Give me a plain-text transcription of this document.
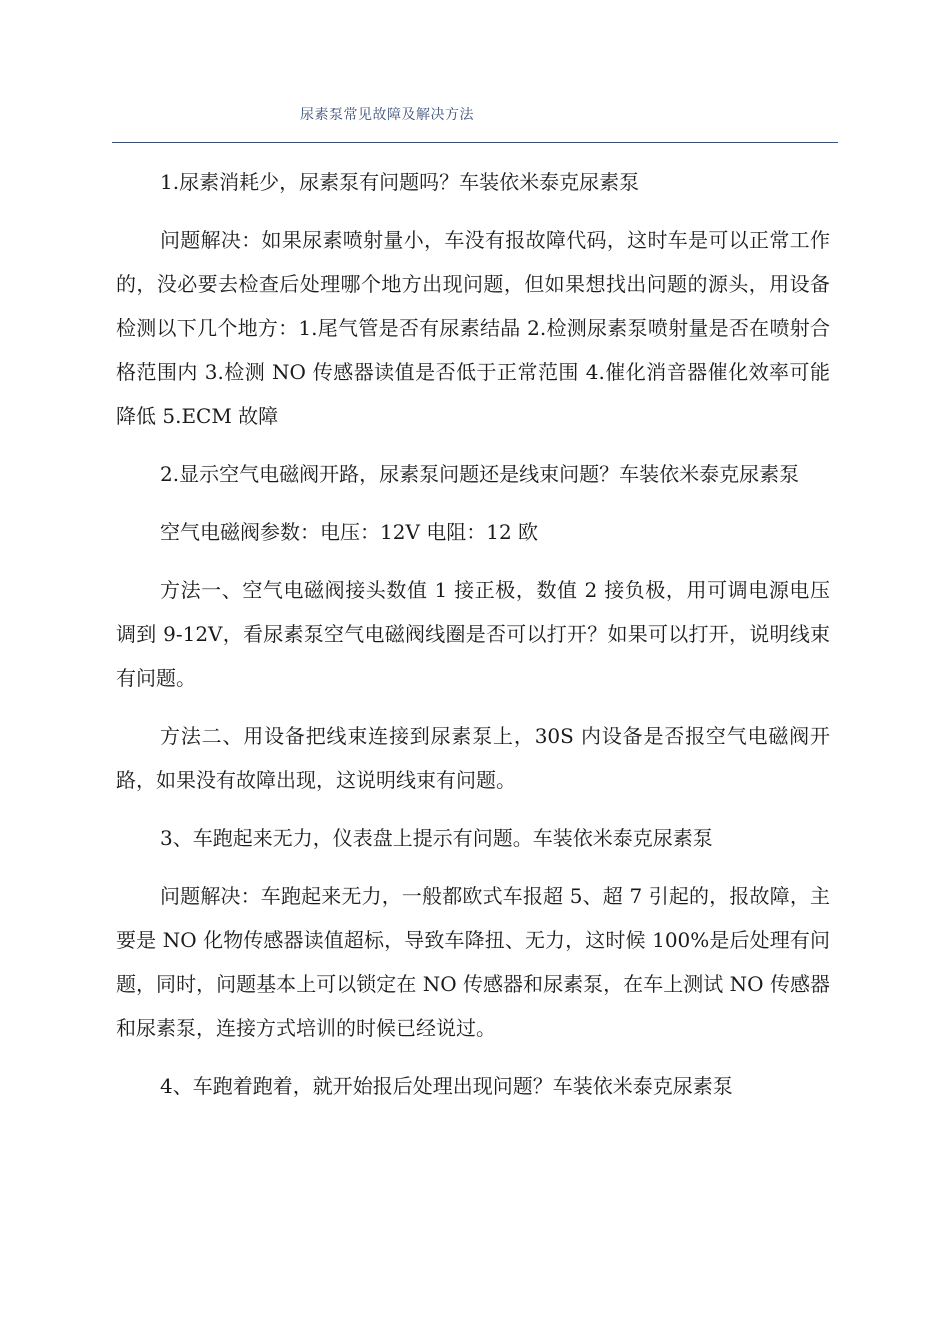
尿素泵常见故障及解决方法

1.尿素消耗少，尿素泵有问题吗？车装依米泰克尿素泵

问题解决：如果尿素喷射量小，车没有报故障代码，这时车是可以正常工作的，没必要去检查后处理哪个地方出现问题，但如果想找出问题的源头，用设备检测以下几个地方：1.尾气管是否有尿素结晶 2.检测尿素泵喷射量是否在喷射合格范围内 3.检测 NO 传感器读值是否低于正常范围 4.催化消音器催化效率可能降低 5.ECM 故障

2.显示空气电磁阀开路，尿素泵问题还是线束问题？车装依米泰克尿素泵

空气电磁阀参数：电压：12V 电阻：12 欧

方法一、空气电磁阀接头数值 1 接正极，数值 2 接负极，用可调电源电压调到 9-12V，看尿素泵空气电磁阀线圈是否可以打开？如果可以打开，说明线束有问题。

方法二、用设备把线束连接到尿素泵上，30S 内设备是否报空气电磁阀开路，如果没有故障出现，这说明线束有问题。

3、车跑起来无力，仪表盘上提示有问题。车装依米泰克尿素泵

问题解决：车跑起来无力，一般都欧式车报超 5、超 7 引起的，报故障，主要是 NO 化物传感器读值超标，导致车降扭、无力，这时候 100%是后处理有问题，同时，问题基本上可以锁定在 NO 传感器和尿素泵，在车上测试 NO 传感器和尿素泵，连接方式培训的时候已经说过。

4、车跑着跑着，就开始报后处理出现问题？车装依米泰克尿素泵
